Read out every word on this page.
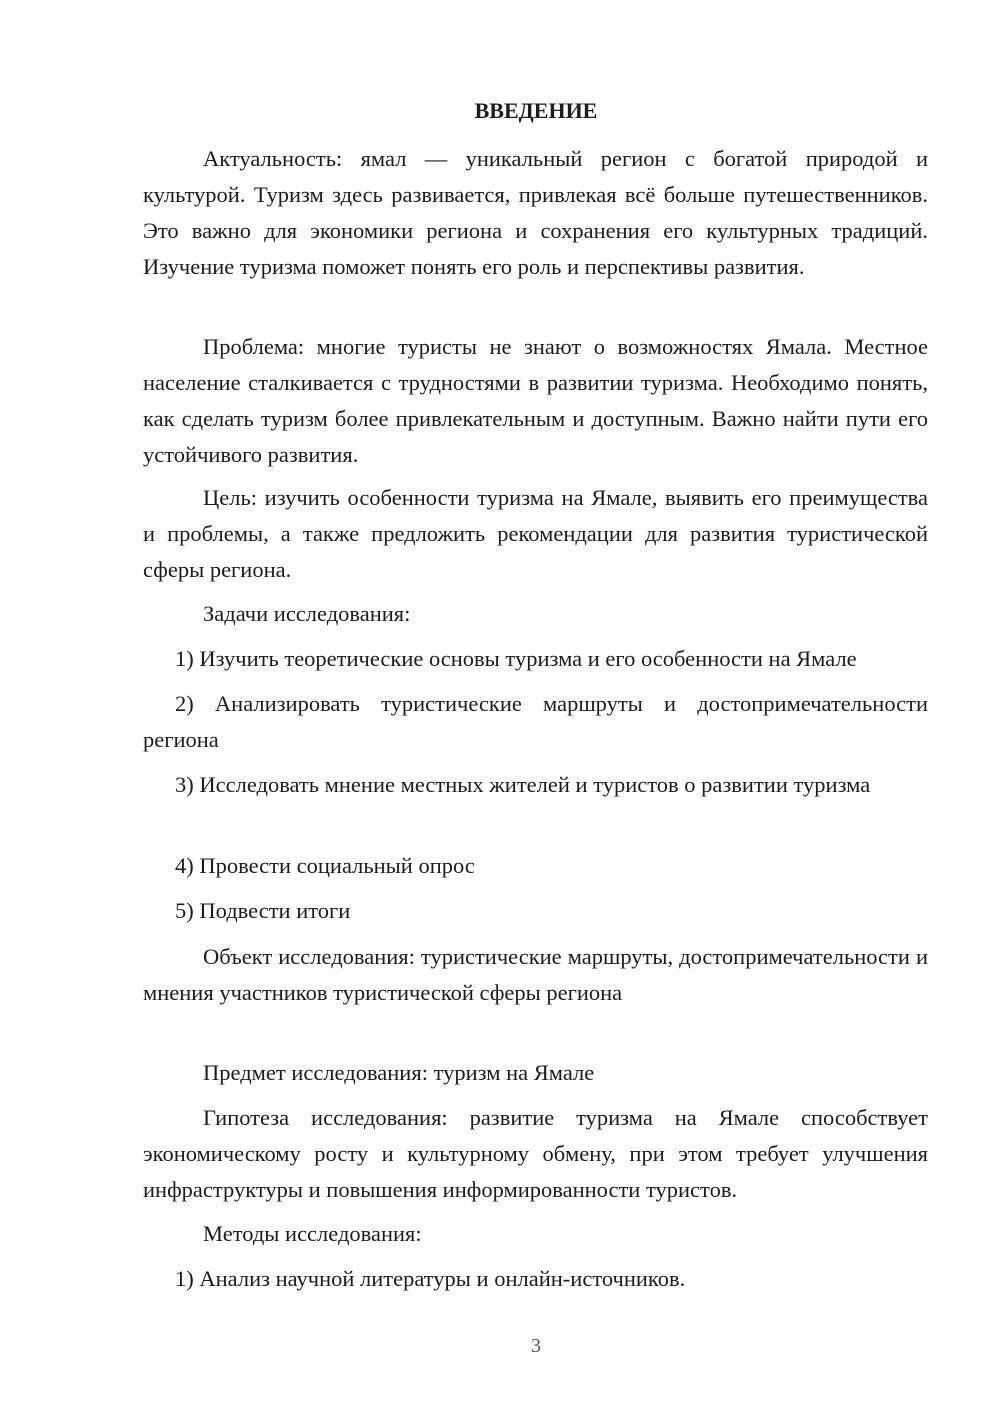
ВВЕДЕНИЕ

Актуальность: ямал — уникальный регион с богатой природой и культурой. Туризм здесь развивается, привлекая всё больше путешественников. Это важно для экономики региона и сохранения его культурных традиций. Изучение туризма поможет понять его роль и перспективы развития.

Проблема: многие туристы не знают о возможностях Ямала. Местное население сталкивается с трудностями в развитии туризма. Необходимо понять, как сделать туризм более привлекательным и доступным. Важно найти пути его устойчивого развития.

Цель: изучить особенности туризма на Ямале, выявить его преимущества и проблемы, а также предложить рекомендации для развития туристической сферы региона.

Задачи исследования:

1) Изучить теоретические основы туризма и его особенности на Ямале

2) Анализировать туристические маршруты и достопримечательности региона

3) Исследовать мнение местных жителей и туристов о развитии туризма

4) Провести социальный опрос

5) Подвести итоги

Объект исследования: туристические маршруты, достопримечательности и мнения участников туристической сферы региона

Предмет исследования: туризм на Ямале

Гипотеза исследования: развитие туризма на Ямале способствует экономическому росту и культурному обмену, при этом требует улучшения инфраструктуры и повышения информированности туристов.

Методы исследования:

1) Анализ научной литературы и онлайн-источников.

3
